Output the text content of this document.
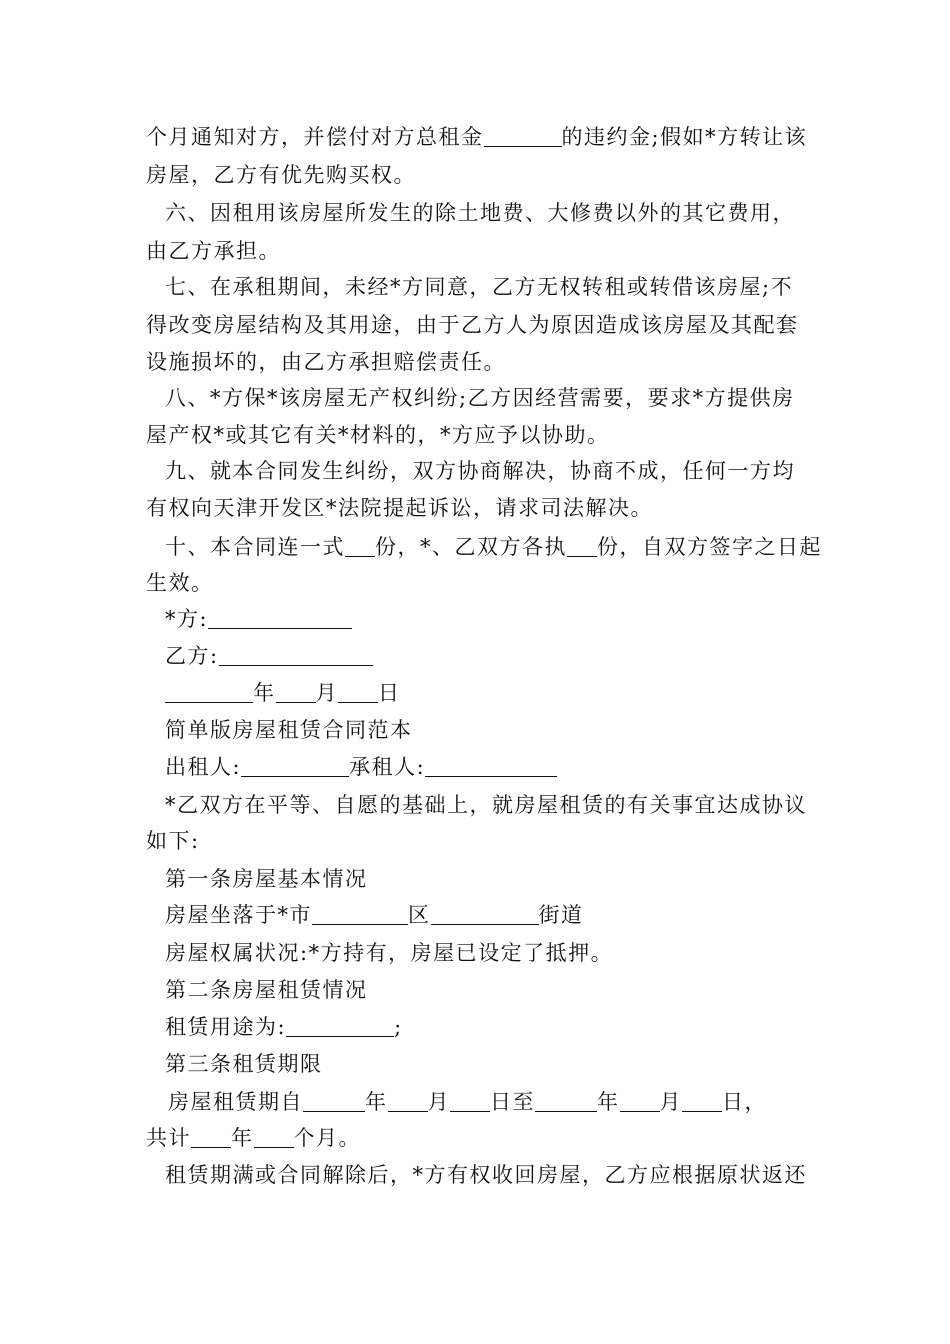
个月通知对方，并偿付对方总租金	的违约金;假如*方转让该
房屋，乙方有优先购买权。
六、因租用该房屋所发生的除土地费、大修费以外的其它费用，
由乙方承担。
七、在承租期间，未经*方同意，乙方无权转租或转借该房屋;不
得改变房屋结构及其用途，由于乙方人为原因造成该房屋及其配套
设施损坏的，由乙方承担赔偿责任。
八、*方保*该房屋无产权纠纷;乙方因经营需要，要求*方提供房
屋产权*或其它有关*材料的，*方应予以协助。
九、就本合同发生纠纷，双方协商解决，协商不成，任何一方均
有权向天津开发区*法院提起诉讼，请求司法解决。
十、本合同连一式 份，*、乙双方各执 份，自双方签字之日起
生效。
*方:
乙方:
年 月 日
简单版房屋租赁合同范本
出租人:	承租人:
*乙双方在平等、自愿的基础上，就房屋租赁的有关事宜达成协议
如下:
第一条房屋基本情况
房屋坐落于*市	区	街道
房屋权属状况:*方持有，房屋已设定了抵押。
第二条房屋租赁情况
租赁用途为:	;
第三条租赁期限
房屋租赁期自	年 月 日至	年 月 日，
共计 年 个月。
租赁期满或合同解除后，*方有权收回房屋，乙方应根据原状返还
